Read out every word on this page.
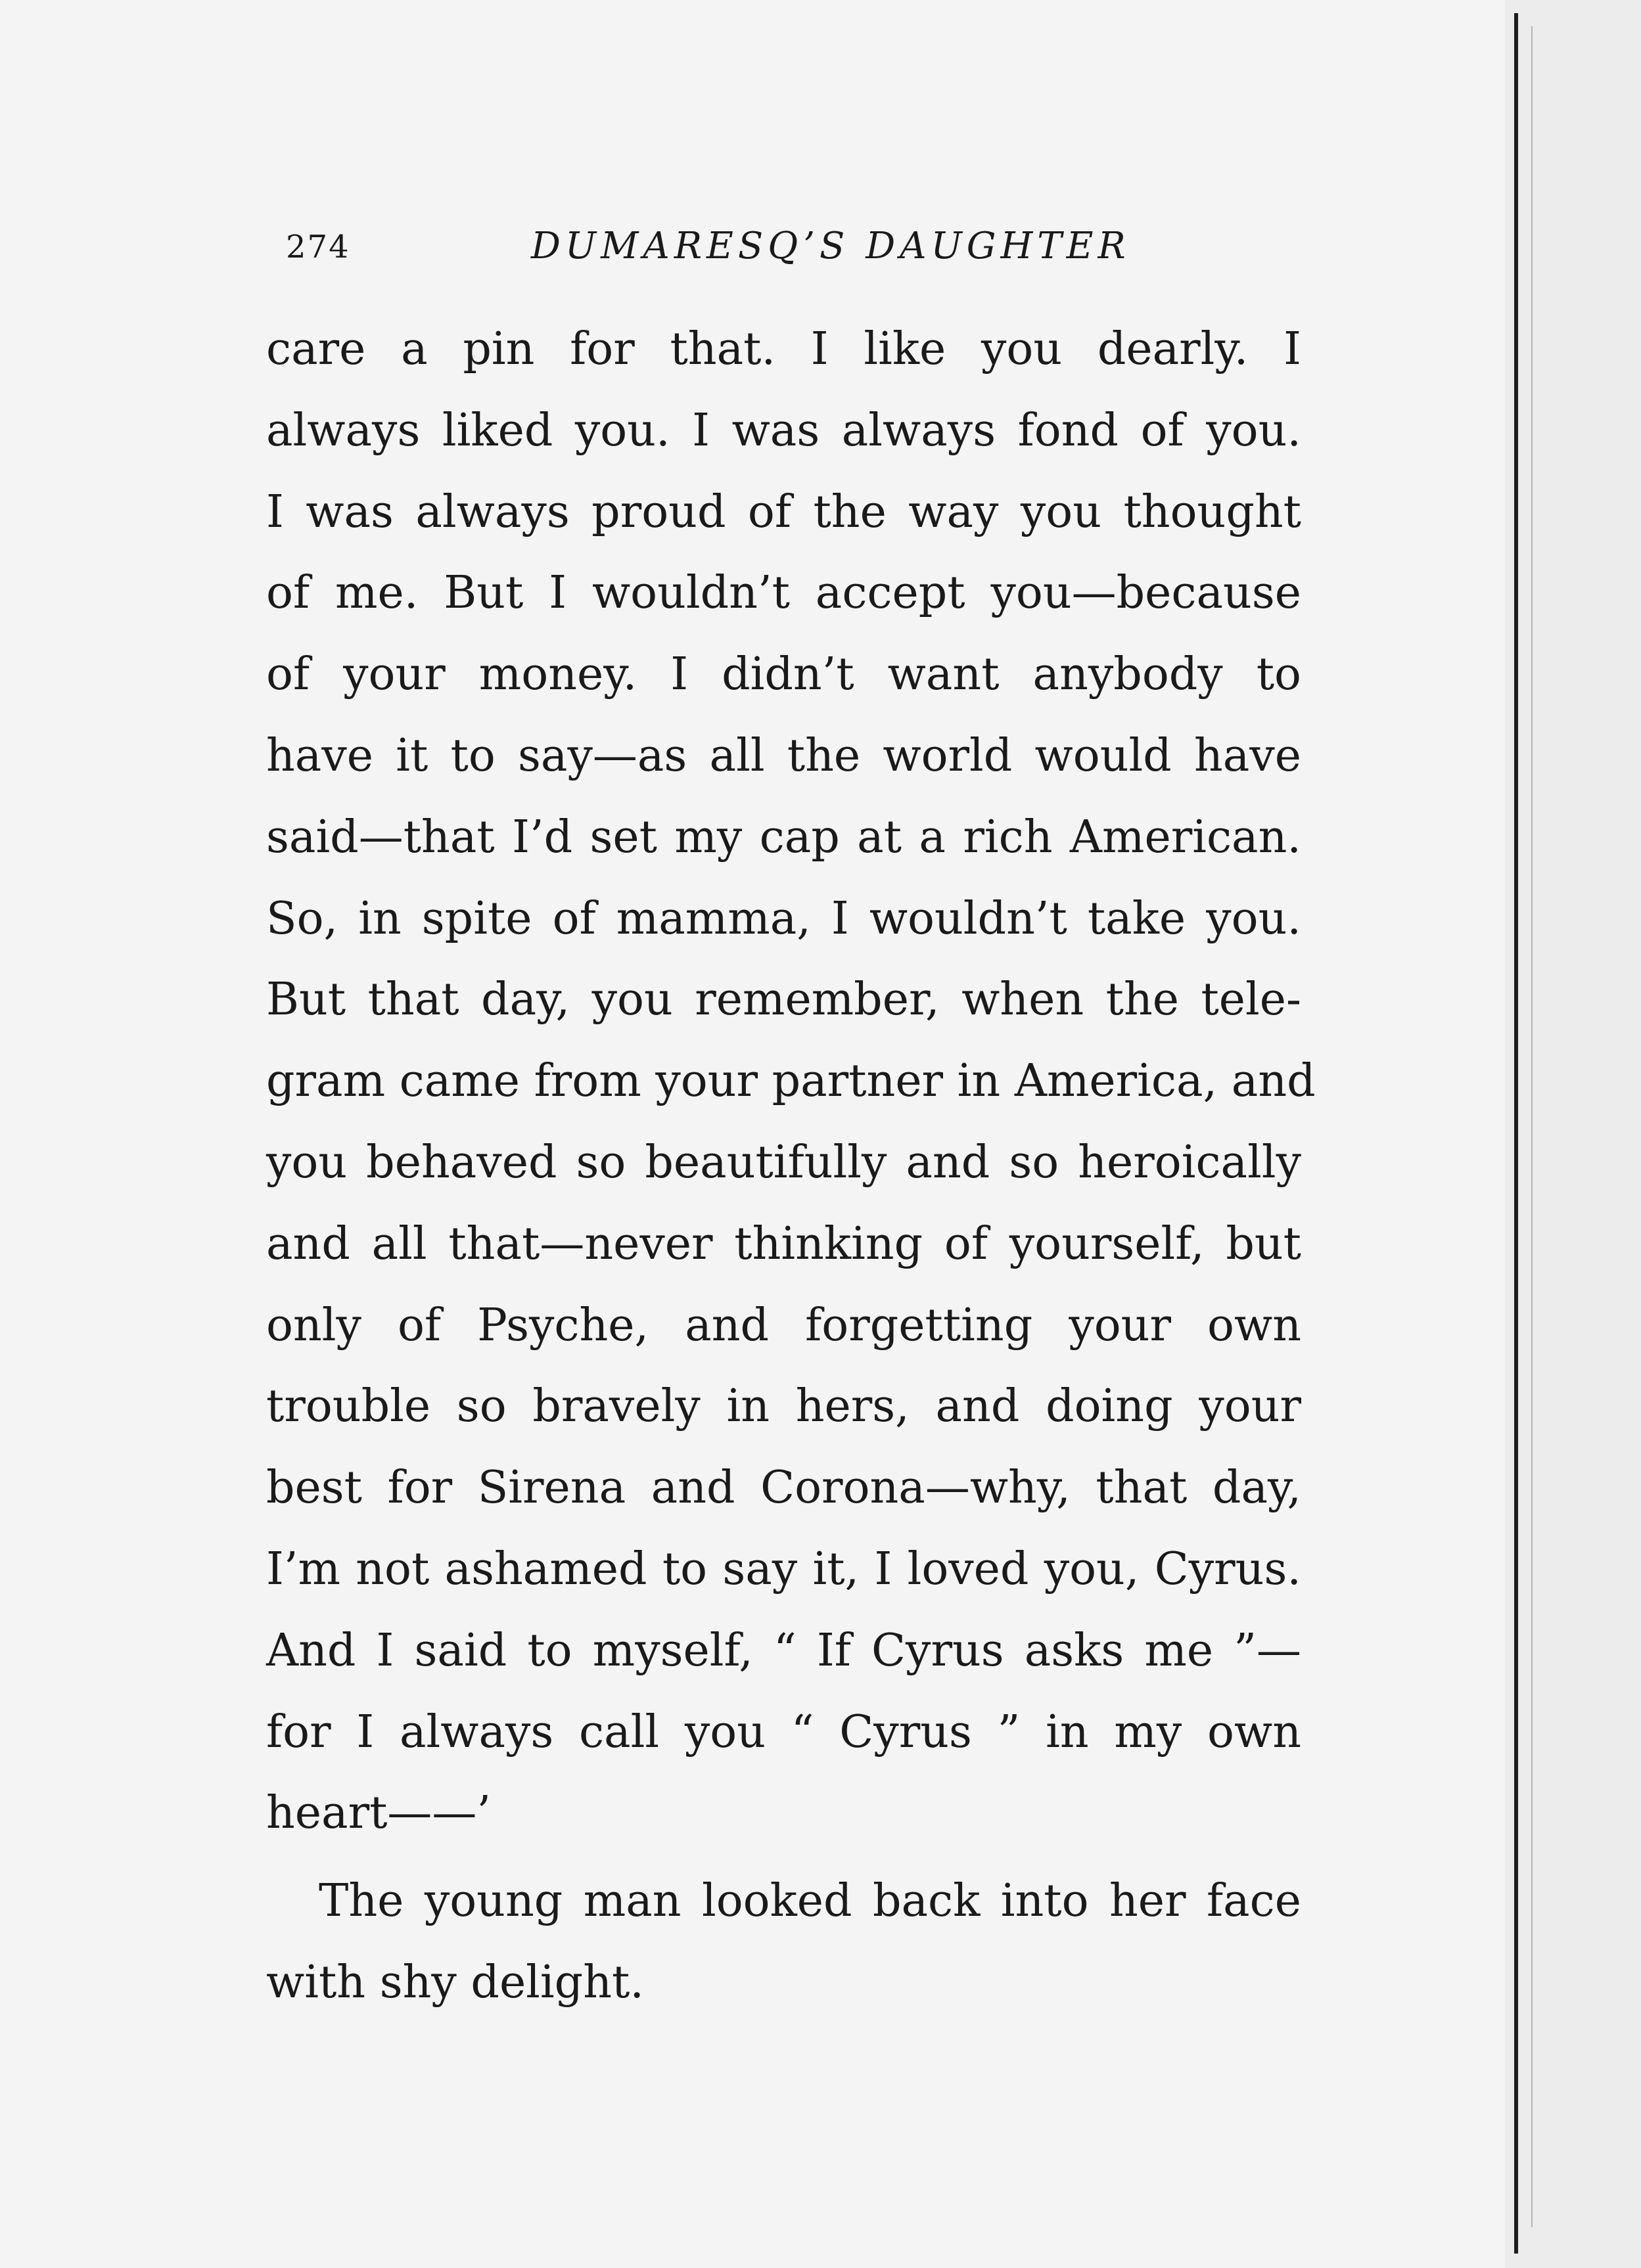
274	DUMARESQ’S DAUGHTER
care a pin for that. I like you dearly. I
always liked you. I was always fond of you.
I was always proud of the way you thought
of me. But I wouldn’t accept you—because
of your money. I didn’t want anybody to
have it to say—as all the world would have
said—that I’d set my cap at a rich American.
So, in spite of mamma, I wouldn’t take you.
But that day, you remember, when the tele-
gram came from your partner in America, and
you behaved so beautifully and so heroically
and all that—never thinking of yourself, but
only of Psyche, and forgetting your own
trouble so bravely in hers, and doing your
best for Sirena and Corona—why, that day,
I’m not ashamed to say it, I loved you, Cyrus.
And I said to myself, “ If Cyrus asks me ”—
for I always call you “ Cyrus ” in my own
heart——’
The young man looked back into her face
with shy delight.
